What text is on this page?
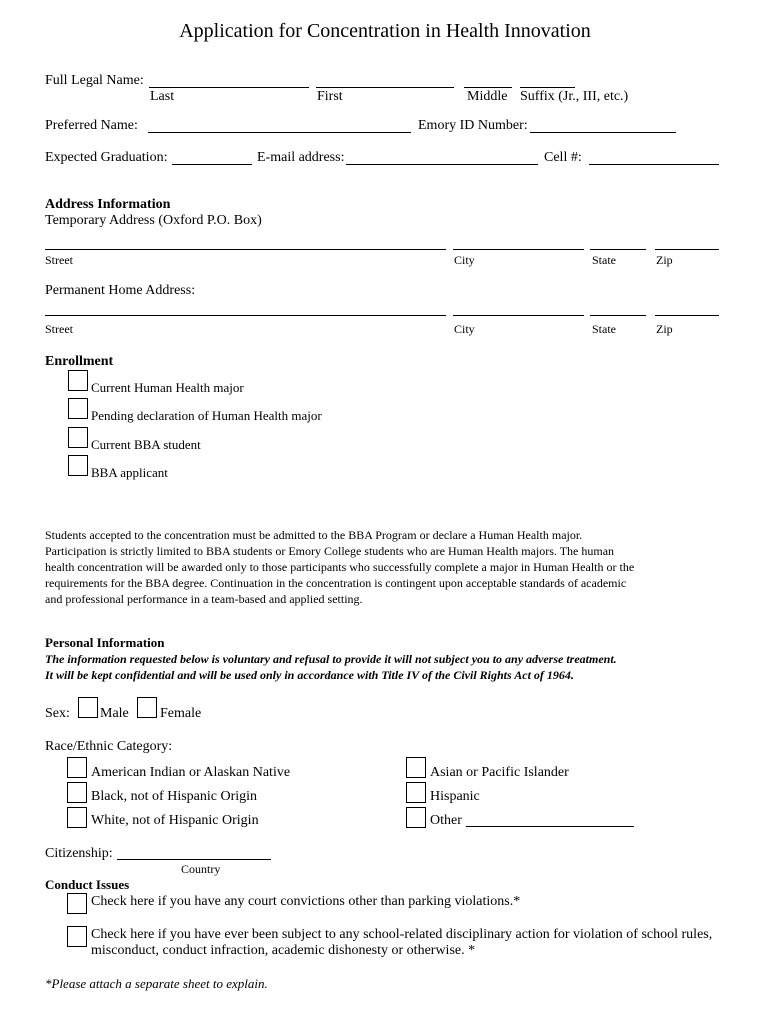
Application for Concentration in Health Innovation
Full Legal Name:
Last	First	Middle Suffix (Jr., III, etc.)
Preferred Name:	Emory ID Number:
Expected Graduation:	E-mail address:	Cell #:
Address Information
Temporary Address (Oxford P.O. Box)
Street	City	State	Zip
Permanent Home Address:
Street	City	State	Zip
Enrollment
Current Human Health major
Pending declaration of Human Health major
Current BBA student
BBA applicant
Students accepted to the concentration must be admitted to the BBA Program or declare a Human Health major.
Participation is strictly limited to BBA students or Emory College students who are Human Health majors. The human
health concentration will be awarded only to those participants who successfully complete a major in Human Health or the
requirements for the BBA degree. Continuation in the concentration is contingent upon acceptable standards of academic
and professional performance in a team-based and applied setting.
Personal Information
The information requested below is voluntary and refusal to provide it will not subject you to any adverse treatment.
It will be kept confidential and will be used only in accordance with Title IV of the Civil Rights Act of 1964.
Sex: Male Female
Race/Ethnic Category:
American Indian or Alaskan Native
Black, not of Hispanic Origin
White, not of Hispanic Origin
Asian or Pacific Islander
Hispanic
Other
Citizenship:
Country
Conduct Issues
Check here if you have any court convictions other than parking violations.*
Check here if you have ever been subject to any school-related disciplinary action for violation of school rules,
misconduct, conduct infraction, academic dishonesty or otherwise. *
*Please attach a separate sheet to explain.
